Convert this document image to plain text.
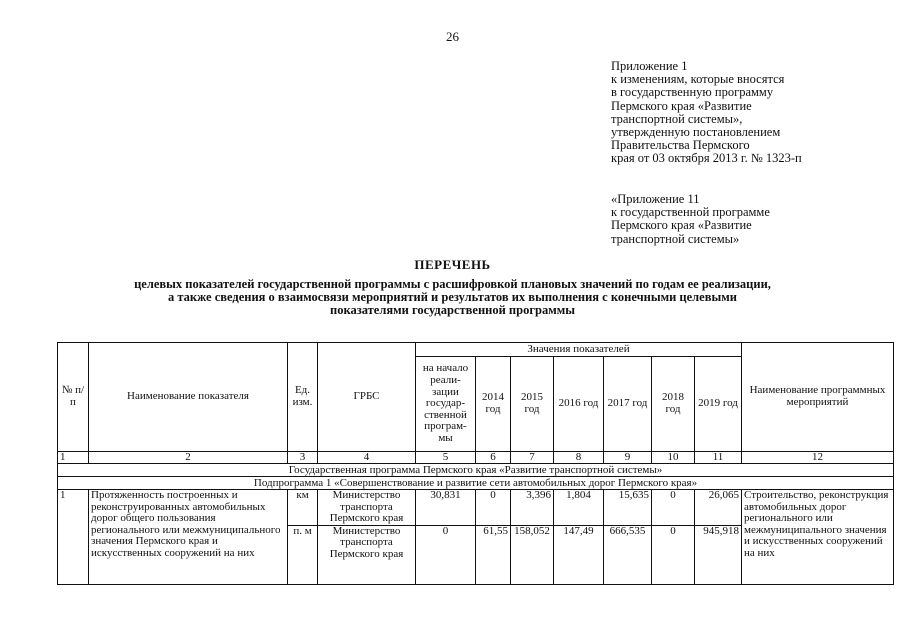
26
Приложение 1
к изменениям, которые вносятся
в государственную программу
Пермского края «Развитие
транспортной системы»,
утвержденную постановлением
Правительства Пермского
края от 03 октября 2013 г. № 1323-п
«Приложение 11
к государственной программе
Пермского края «Развитие
транспортной системы»
ПЕРЕЧЕНЬ
целевых показателей государственной программы с расшифровкой плановых значений по годам ее реализации,
а также сведения о взаимосвязи мероприятий и результатов их выполнения с конечными целевыми
показателями государственной программы
№ п/п	Наименование показателя	Ед. изм.	ГРБС	Значения показателей							Наименование программных мероприятий
				на начало реали-зации государ-ственной програм-мы	2014 год	2015 год	2016 год	2017 год	2018 год	2019 год	
1	2	3	4	5	6	7	8	9	10	11	12
Государственная программа Пермского края «Развитие транспортной системы»											
Подпрограмма 1 «Совершенствование и развитие сети автомобильных дорог Пермского края»											
1	Протяженность построенных и реконструированных автомобильных дорог общего пользования регионального или межмуниципального значения Пермского края и искусственных сооружений на них	км	Министерство транспорта Пермского края	30,831	0	3,396	1,804	15,635	0	26,065	Строительство, реконструкция автомобильных дорог регионального или межмуниципального значения и искусственных сооружений на них
		п. м	Министерство транспорта Пермского края	0	61,55	158,052	147,49	666,535	0	945,918	
